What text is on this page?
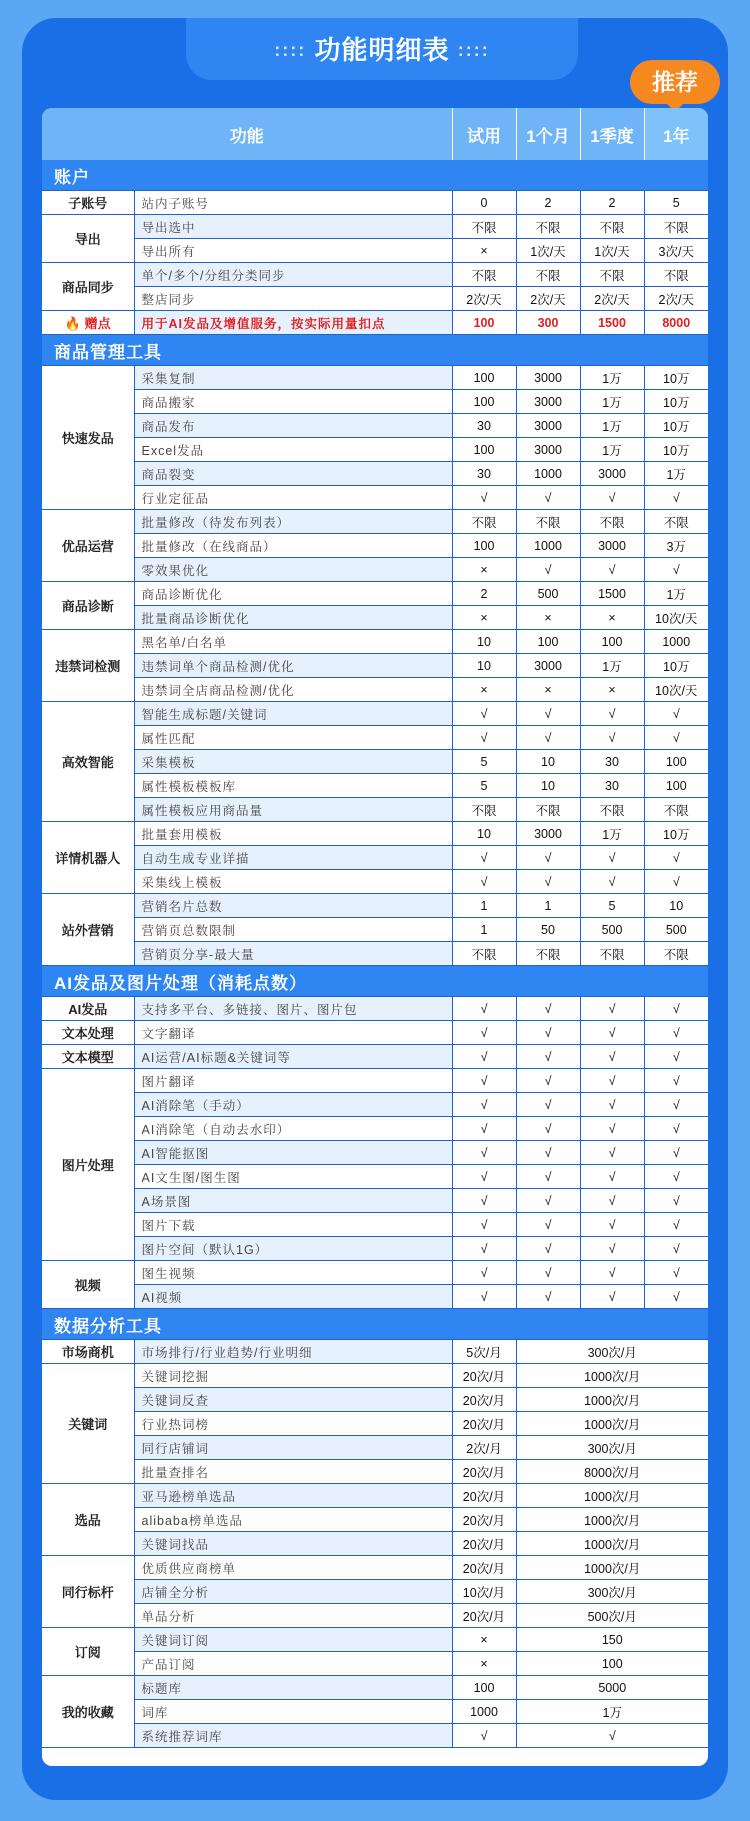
:::: 功能明细表 ::::
推荐
功能		试用	1个月	1季度	1年
账户					
子账号	站内子账号	0	2	2	5
导出	导出选中	不限	不限	不限	不限
	导出所有	×	1次/天	1次/天	3次/天
商品同步	单个/多个/分组分类同步	不限	不限	不限	不限
	整店同步	2次/天	2次/天	2次/天	2次/天
🔥 赠点	用于AI发品及增值服务，按实际用量扣点	100	300	1500	8000
商品管理工具					
快速发品	采集复制	100	3000	1万	10万
	商品搬家	100	3000	1万	10万
	商品发布	30	3000	1万	10万
	Excel发品	100	3000	1万	10万
	商品裂变	30	1000	3000	1万
	行业定征品	√	√	√	√
优品运营	批量修改（待发布列表）	不限	不限	不限	不限
	批量修改（在线商品）	100	1000	3000	3万
	零效果优化	×	√	√	√
商品诊断	商品诊断优化	2	500	1500	1万
	批量商品诊断优化	×	×	×	10次/天
违禁词检测	黑名单/白名单	10	100	100	1000
	违禁词单个商品检测/优化	10	3000	1万	10万
	违禁词全店商品检测/优化	×	×	×	10次/天
高效智能	智能生成标题/关键词	√	√	√	√
	属性匹配	√	√	√	√
	采集模板	5	10	30	100
	属性模板模板库	5	10	30	100
	属性模板应用商品量	不限	不限	不限	不限
详情机器人	批量套用模板	10	3000	1万	10万
	自动生成专业详描	√	√	√	√
	采集线上模板	√	√	√	√
站外营销	营销名片总数	1	1	5	10
	营销页总数限制	1	50	500	500
	营销页分享-最大量	不限	不限	不限	不限
AI发品及图片处理（消耗点数）					
AI发品	支持多平台、多链接、图片、图片包	√	√	√	√
文本处理	文字翻译	√	√	√	√
文本模型	AI运营/AI标题&关键词等	√	√	√	√
图片处理	图片翻译	√	√	√	√
	AI消除笔（手动）	√	√	√	√
	AI消除笔（自动去水印）	√	√	√	√
	AI智能抠图	√	√	√	√
	AI文生图/图生图	√	√	√	√
	A场景图	√	√	√	√
	图片下载	√	√	√	√
	图片空间（默认1G）	√	√	√	√
视频	图生视频	√	√	√	√
	AI视频	√	√	√	√
数据分析工具					
市场商机	市场排行/行业趋势/行业明细	5次/月	300次/月		
关键词	关键词挖掘	20次/月	1000次/月		
	关键词反查	20次/月	1000次/月		
	行业热词榜	20次/月	1000次/月		
	同行店铺词	2次/月	300次/月		
	批量查排名	20次/月	8000次/月		
选品	亚马逊榜单选品	20次/月	1000次/月		
	alibaba榜单选品	20次/月	1000次/月		
	关键词找品	20次/月	1000次/月		
同行标杆	优质供应商榜单	20次/月	1000次/月		
	店铺全分析	10次/月	300次/月		
	单品分析	20次/月	500次/月		
订阅	关键词订阅	×	150		
	产品订阅	×	100		
我的收藏	标题库	100	5000		
	词库	1000	1万		
	系统推荐词库	√	√		
